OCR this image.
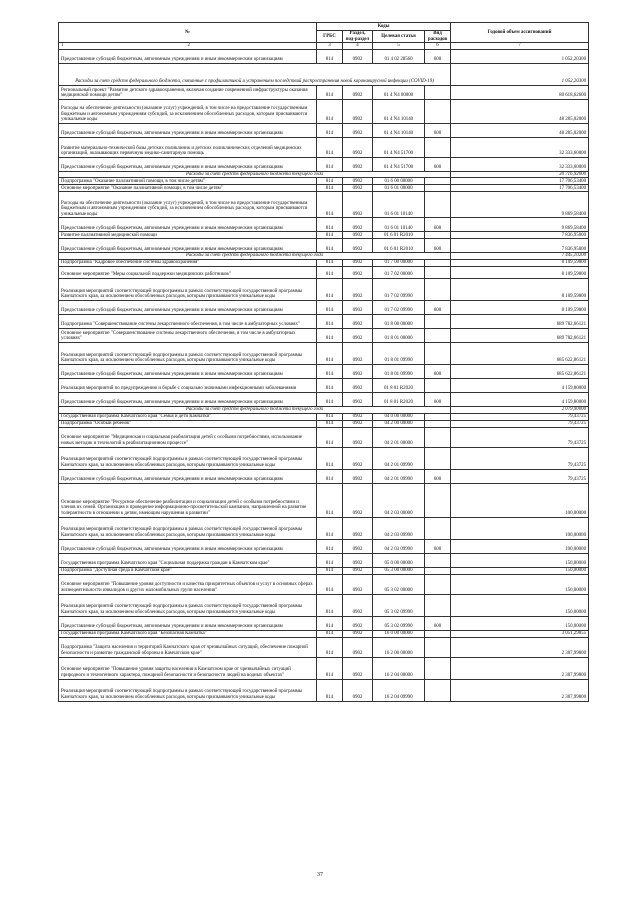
№	Коды				Годовой объем ассигнований
	ГРБС	Раздел, под-раздел	Целевая статья	Вид расходов	

1 2	3	4	5	6	7
Предоставление субсидий бюджетным, автономным учреждениям и иным некоммерческим организациям	814	0902	01 4 02 28560	600	1 052,20300
Расходы за счет средств федерального бюджета, связанные с профилактикой и устранением последствий распространения новой коронавирусной инфекции (COVID-19)					1 052,20300
Региональный проект "Развитие детского здравоохранения, включая создание современной инфраструктуры оказания медицинской помощи детям"	814	0902	01 4 N4 00000		80 618,62600
Расходы на обеспечение деятельности (оказание услуг) учреждений, в том числе на предоставление государственным бюджетным и автономным учреждениям субсидий, за исключением обособленных расходов, которым присваиваются уникальные коды	814	0902	01 4 N4 10140		48 285,02000
Предоставление субсидий бюджетным, автономным учреждениям и иным некоммерческим организациям	814	0902	01 4 N4 10140	600	48 285,02000
Развитие материально-технической базы детских поликлиник и детских поликлинических отделений медицинских организаций, оказывающих первичную медико-санитарную помощь	814	0902	01 4 N4 51700		32 333,60000
Предоставление субсидий бюджетным, автономным учреждениям и иным некоммерческим организациям	814	0902	01 4 N4 51700	600	32 333,60000
Расходы за счет средств федерального бюджета текущего года					30 716,92000
Подпрограмма "Оказание паллиативной помощи, в том числе детям"	814	0902	01 6 00 00000		17 706,53400
Основное мероприятие "Оказание паллиативной помощи, в том числе детям"	814	0902	01 6 01 00000		17 706,53400
Расходы на обеспечение деятельности (оказание услуг) учреждений, в том числе на предоставление государственным бюджетным и автономным учреждениям субсидий, за исключением обособленных расходов, которым присваиваются уникальные коды	814	0902	01 6 01 10140		9 869,58400
Предоставление субсидий бюджетным, автономным учреждениям и иным некоммерческим организациям	814	0902	01 6 01 10140	600	9 869,58400
Развитие паллиативной медицинской помощи	814	0902	01 6 01 R2010		7 836,95000
Предоставление субсидий бюджетным, автономным учреждениям и иным некоммерческим организациям	814	0902	01 6 01 R2010	600	7 836,95000
Расходы за счет средств федерального бюджета текущего года					7 445,10200
Подпрограмма "Кадровое обеспечение системы здравоохранения"	814	0902	01 7 00 00000		8 109,59800
Основное мероприятие "Меры социальной поддержки медицинских работников"	814	0902	01 7 02 00000		8 109,59800
Реализация мероприятий соответствующей подпрограммы в рамках соответствующей государственной программы Камчатского края, за исключением обособленных расходов, которым присваиваются уникальные коды	814	0902	01 7 02 09990		8 109,59800
Предоставление субсидий бюджетным, автономным учреждениям и иным некоммерческим организациям	814	0902	01 7 02 09990	600	8 109,59800
Подпрограмма "Совершенствование системы лекарственного обеспечения, в том числе в амбулаторных условиях"	814	0902	01 8 00 00000		689 782,66121
Основное мероприятие "Совершенствование системы лекарственного обеспечения, в том числе в амбулаторных условиях"	814	0902	01 8 01 00000		689 782,66121
Реализация мероприятий соответствующей подпрограммы в рамках соответствующей государственной программы Камчатского края, за исключением обособленных расходов, которым присваиваются уникальные коды	814	0902	01 8 01 09990		685 622,86121
Предоставление субсидий бюджетным, автономным учреждениям и иным некоммерческим организациям	814	0902	01 8 01 09990	600	685 622,86121
Реализация мероприятий по предупреждению и борьбе с социально значимыми инфекционными заболеваниями	814	0902	01 8 01 R2020		4 159,80000
Предоставление субсидий бюджетным, автономным учреждениям и иным некоммерческим организациям	814	0902	01 8 01 R2020	600	4 159,80000
Расходы за счет средств федерального бюджета текущего года					2 079,90000
Государственная программа Камчатского края "Семья и дети Камчатки"	814	0902	04 0 00 00000		79,43725
Подпрограмма "Особый ребенок"	814	0902	04 2 00 00000		79,43725
Основное мероприятие "Медицинская и социальная реабилитация детей с особыми потребностями, использование новых методик и технологий в реабилитационном процессе"	814	0902	04 2 01 00000		79,43725
Реализация мероприятий соответствующей подпрограммы в рамках соответствующей государственной программы Камчатского края, за исключением обособленных расходов, которым присваиваются уникальные коды	814	0902	04 2 01 09990		79,43725
Предоставление субсидий бюджетным, автономным учреждениям и иным некоммерческим организациям	814	0902	04 2 01 09990	600	79,43725
Основное мероприятие "Ресурсное обеспечение реабилитации и социализации детей с особыми потребностями и членов их семей. Организация и проведение информационно-просветительской кампании, направленной на развитие толерантности в отношении к детям, имеющим нарушения в развитии"	814	0902	04 2 03 00000		100,00000
Реализация мероприятий соответствующей подпрограммы в рамках соответствующей государственной программы Камчатского края, за исключением обособленных расходов, которым присваиваются уникальные коды	814	0902	04 2 03 09990		100,00000
Предоставление субсидий бюджетным, автономным учреждениям и иным некоммерческим организациям	814	0902	04 2 03 09990	600	100,00000
Государственная программа Камчатского края "Социальная поддержка граждан в Камчатском крае"	814	0902	05 0 00 00000		150,00000
Подпрограмма "Доступная среда в Камчатском крае"	814	0902	05 3 00 00000		150,00000
Основное мероприятие "Повышение уровня доступности и качества приоритетных объектов и услуг в основных сферах жизнедеятельности инвалидов и других маломобильных групп населения"	814	0902	05 3 02 00000		150,00000
Реализация мероприятий соответствующей подпрограммы в рамках соответствующей государственной программы Камчатского края, за исключением обособленных расходов, которым присваиваются уникальные коды	814	0902	05 3 02 09990		150,00000
Предоставление субсидий бюджетным, автономным учреждениям и иным некоммерческим организациям	814	0902	05 3 02 09990	600	150,00000
Государственная программа Камчатского края "Безопасная Камчатка"	814	0902	16 0 00 00000		3 051,29855
Подпрограмма "Защита населения и территорий Камчатского края от чрезвычайных ситуаций, обеспечение пожарной безопасности и развитие гражданской обороны в Камчатском крае"	814	0902	16 2 00 00000		2 307,99800
Основное мероприятие "Повышение уровня защиты населения в Камчатском крае от чрезвычайных ситуаций природного и техногенного характера, пожарной безопасности и безопасности людей на водных объектах"	814	0902	16 2 04 00000		2 307,99800
Реализация мероприятий соответствующей подпрограммы в рамках соответствующей государственной программы Камчатского края, за исключением обособленных расходов, которым присваиваются уникальные коды	814	0902	16 2 04 09990		2 307,99800
37
